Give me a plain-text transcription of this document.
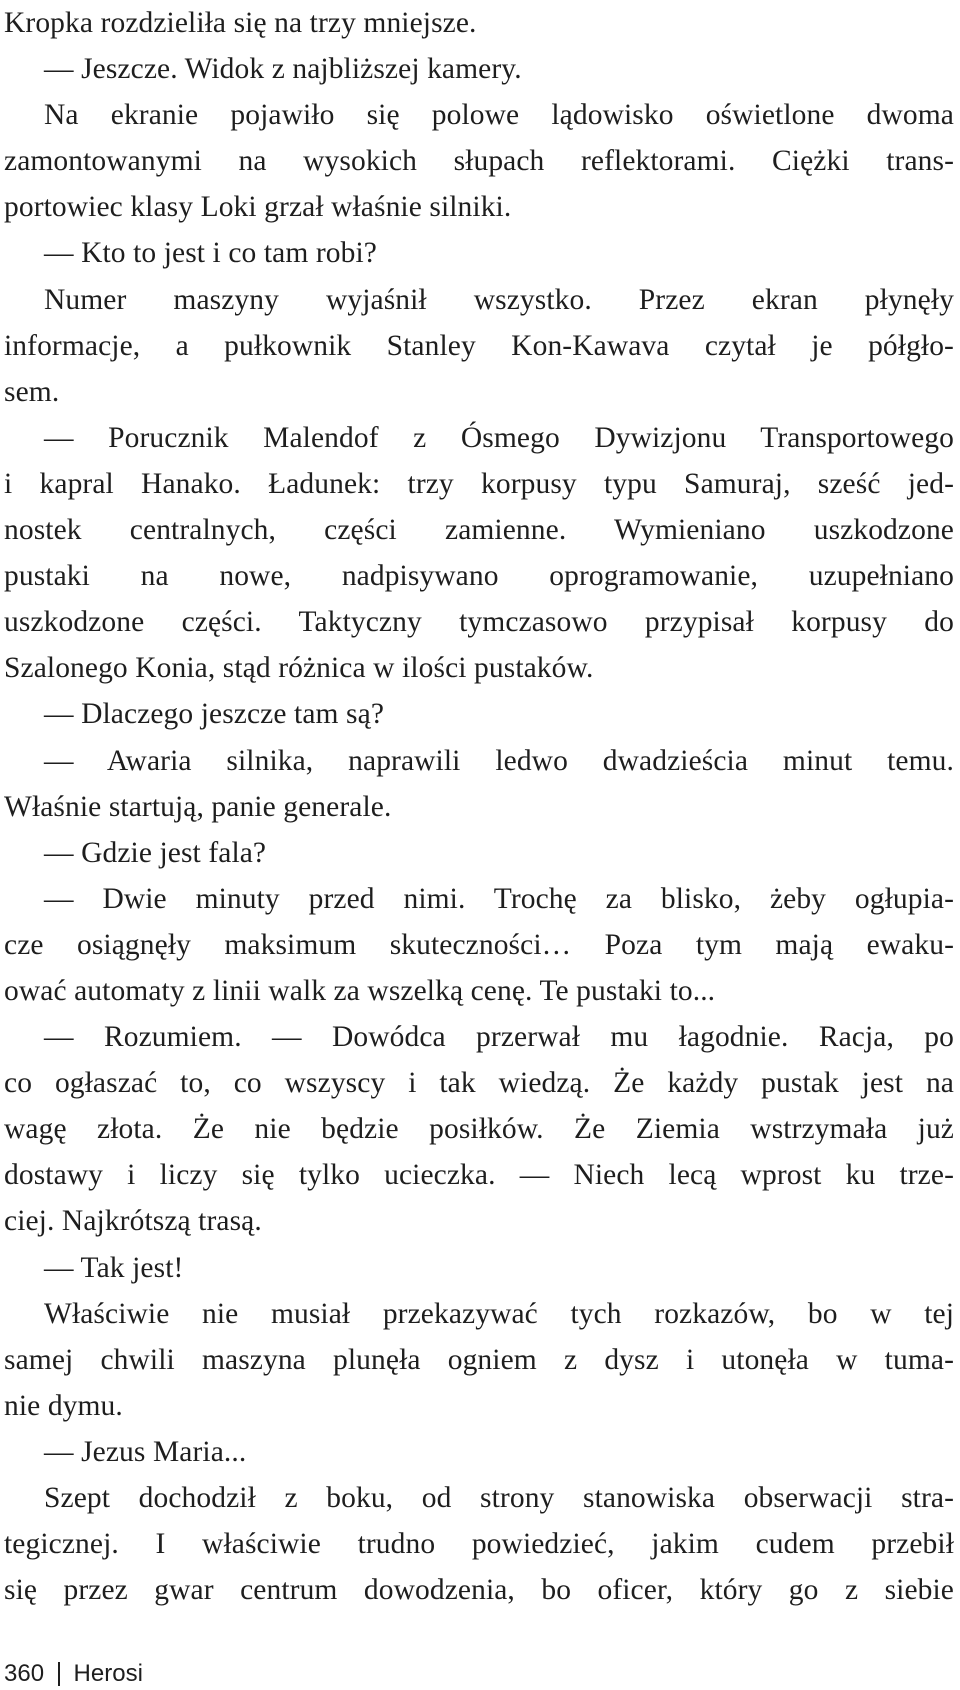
Kropka rozdzieliła się na trzy mniejsze.
— Jeszcze. Widok z najbliższej kamery.
Na ekranie pojawiło się polowe lądowisko oświetlone dwoma
zamontowanymi na wysokich słupach reflektorami. Ciężki trans-
portowiec klasy Loki grzał właśnie silniki.
— Kto to jest i co tam robi?
Numer maszyny wyjaśnił wszystko. Przez ekran płynęły
informacje, a pułkownik Stanley Kon-Kawava czytał je półgło-
sem.
— Porucznik Malendof z Ósmego Dywizjonu Transportowego
i kapral Hanako. Ładunek: trzy korpusy typu Samuraj, sześć jed-
nostek centralnych, części zamienne. Wymieniano uszkodzone
pustaki na nowe, nadpisywano oprogramowanie, uzupełniano
uszkodzone części. Taktyczny tymczasowo przypisał korpusy do
Szalonego Konia, stąd różnica w ilości pustaków.
— Dlaczego jeszcze tam są?
— Awaria silnika, naprawili ledwo dwadzieścia minut temu.
Właśnie startują, panie generale.
— Gdzie jest fala?
— Dwie minuty przed nimi. Trochę za blisko, żeby ogłupia-
cze osiągnęły maksimum skuteczności… Poza tym mają ewaku-
ować automaty z linii walk za wszelką cenę. Te pustaki to...
— Rozumiem. — Dowódca przerwał mu łagodnie. Racja, po
co ogłaszać to, co wszyscy i tak wiedzą. Że każdy pustak jest na
wagę złota. Że nie będzie posiłków. Że Ziemia wstrzymała już
dostawy i liczy się tylko ucieczka. — Niech lecą wprost ku trze-
ciej. Najkrótszą trasą.
— Tak jest!
Właściwie nie musiał przekazywać tych rozkazów, bo w tej
samej chwili maszyna plunęła ogniem z dysz i utonęła w tuma-
nie dymu.
— Jezus Maria...
Szept dochodził z boku, od strony stanowiska obserwacji stra-
tegicznej. I właściwie trudno powiedzieć, jakim cudem przebił
się przez gwar centrum dowodzenia, bo oficer, który go z siebie
360 Herosi
